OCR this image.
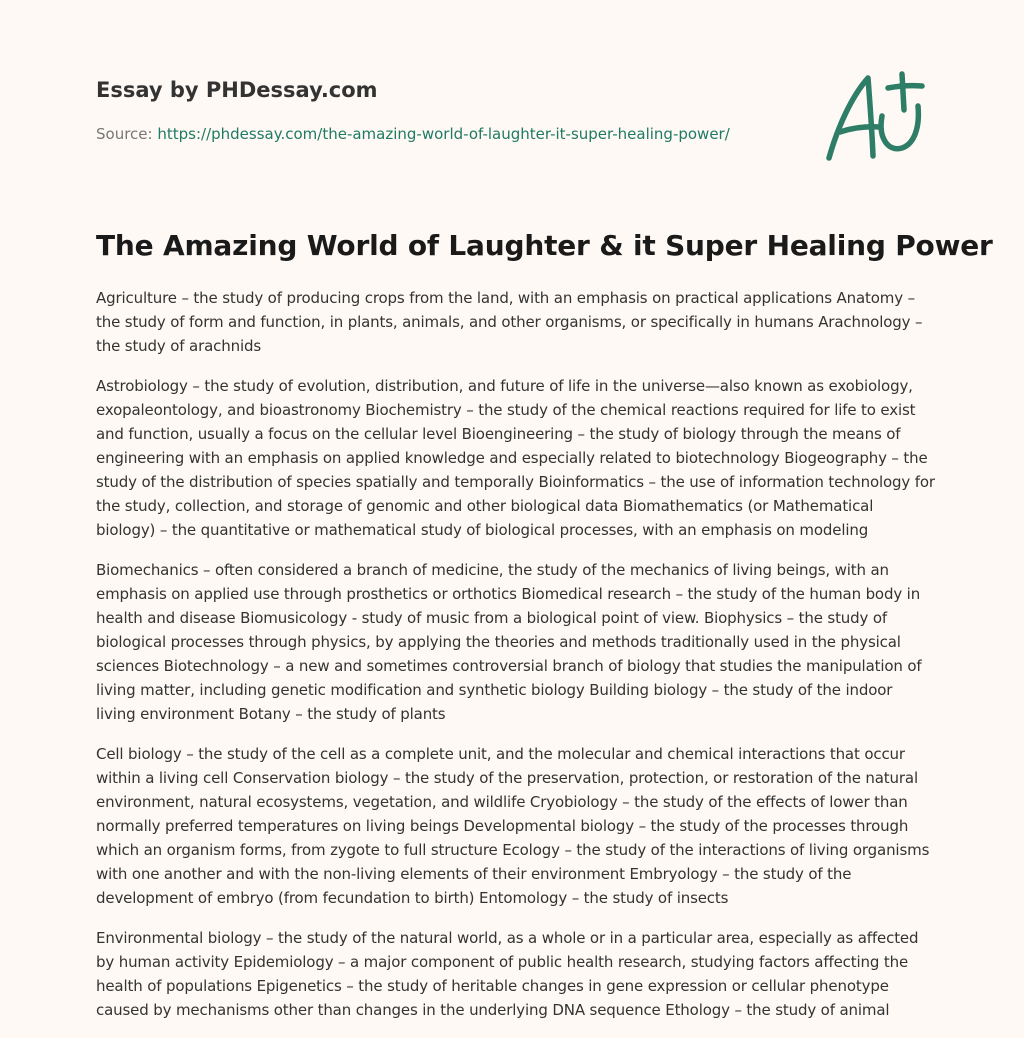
Essay by PHDessay.com
Source: https://phdessay.com/the-amazing-world-of-laughter-it-super-healing-power/
The Amazing World of Laughter & it Super Healing Power

Agriculture – the study of producing crops from the land, with an emphasis on practical applications Anatomy – the study of form and function, in plants, animals, and other organisms, or specifically in humans Arachnology – the study of arachnids

Astrobiology – the study of evolution, distribution, and future of life in the universe—also known as exobiology, exopaleontology, and bioastronomy Biochemistry – the study of the chemical reactions required for life to exist and function, usually a focus on the cellular level Bioengineering – the study of biology through the means of engineering with an emphasis on applied knowledge and especially related to biotechnology Biogeography – the study of the distribution of species spatially and temporally Bioinformatics – the use of information technology for the study, collection, and storage of genomic and other biological data Biomathematics (or Mathematical biology) – the quantitative or mathematical study of biological processes, with an emphasis on modeling

Biomechanics – often considered a branch of medicine, the study of the mechanics of living beings, with an emphasis on applied use through prosthetics or orthotics Biomedical research – the study of the human body in health and disease Biomusicology - study of music from a biological point of view. Biophysics – the study of biological processes through physics, by applying the theories and methods traditionally used in the physical sciences Biotechnology – a new and sometimes controversial branch of biology that studies the manipulation of living matter, including genetic modification and synthetic biology Building biology – the study of the indoor living environment Botany – the study of plants

Cell biology – the study of the cell as a complete unit, and the molecular and chemical interactions that occur within a living cell Conservation biology – the study of the preservation, protection, or restoration of the natural environment, natural ecosystems, vegetation, and wildlife Cryobiology – the study of the effects of lower than normally preferred temperatures on living beings Developmental biology – the study of the processes through which an organism forms, from zygote to full structure Ecology – the study of the interactions of living organisms with one another and with the non-living elements of their environment Embryology – the study of the development of embryo (from fecundation to birth) Entomology – the study of insects

Environmental biology – the study of the natural world, as a whole or in a particular area, especially as affected by human activity Epidemiology – a major component of public health research, studying factors affecting the health of populations Epigenetics – the study of heritable changes in gene expression or cellular phenotype caused by mechanisms other than changes in the underlying DNA sequence Ethology – the study of animal
